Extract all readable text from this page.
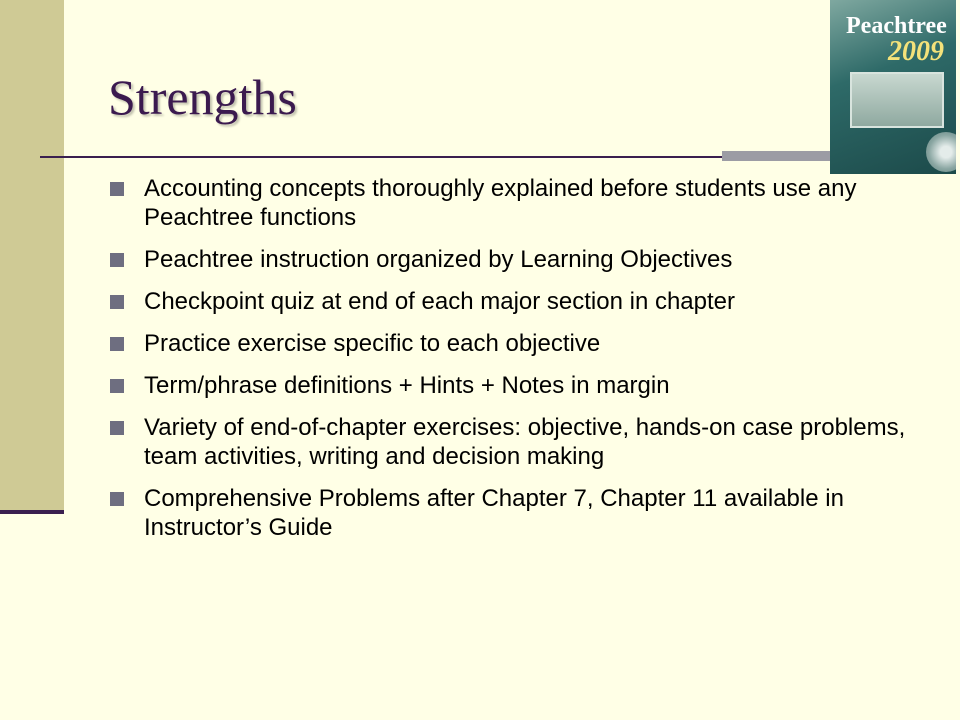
Strengths
Peachtree
2009
Accounting concepts thoroughly explained before students use any Peachtree functions
Peachtree instruction organized by Learning Objectives
Checkpoint quiz at end of each major section in chapter
Practice exercise specific to each objective
Term/phrase definitions + Hints + Notes in margin
Variety of end-of-chapter exercises: objective, hands-on case problems, team activities, writing and decision making
Comprehensive Problems after Chapter 7, Chapter 11 available in Instructor’s Guide
